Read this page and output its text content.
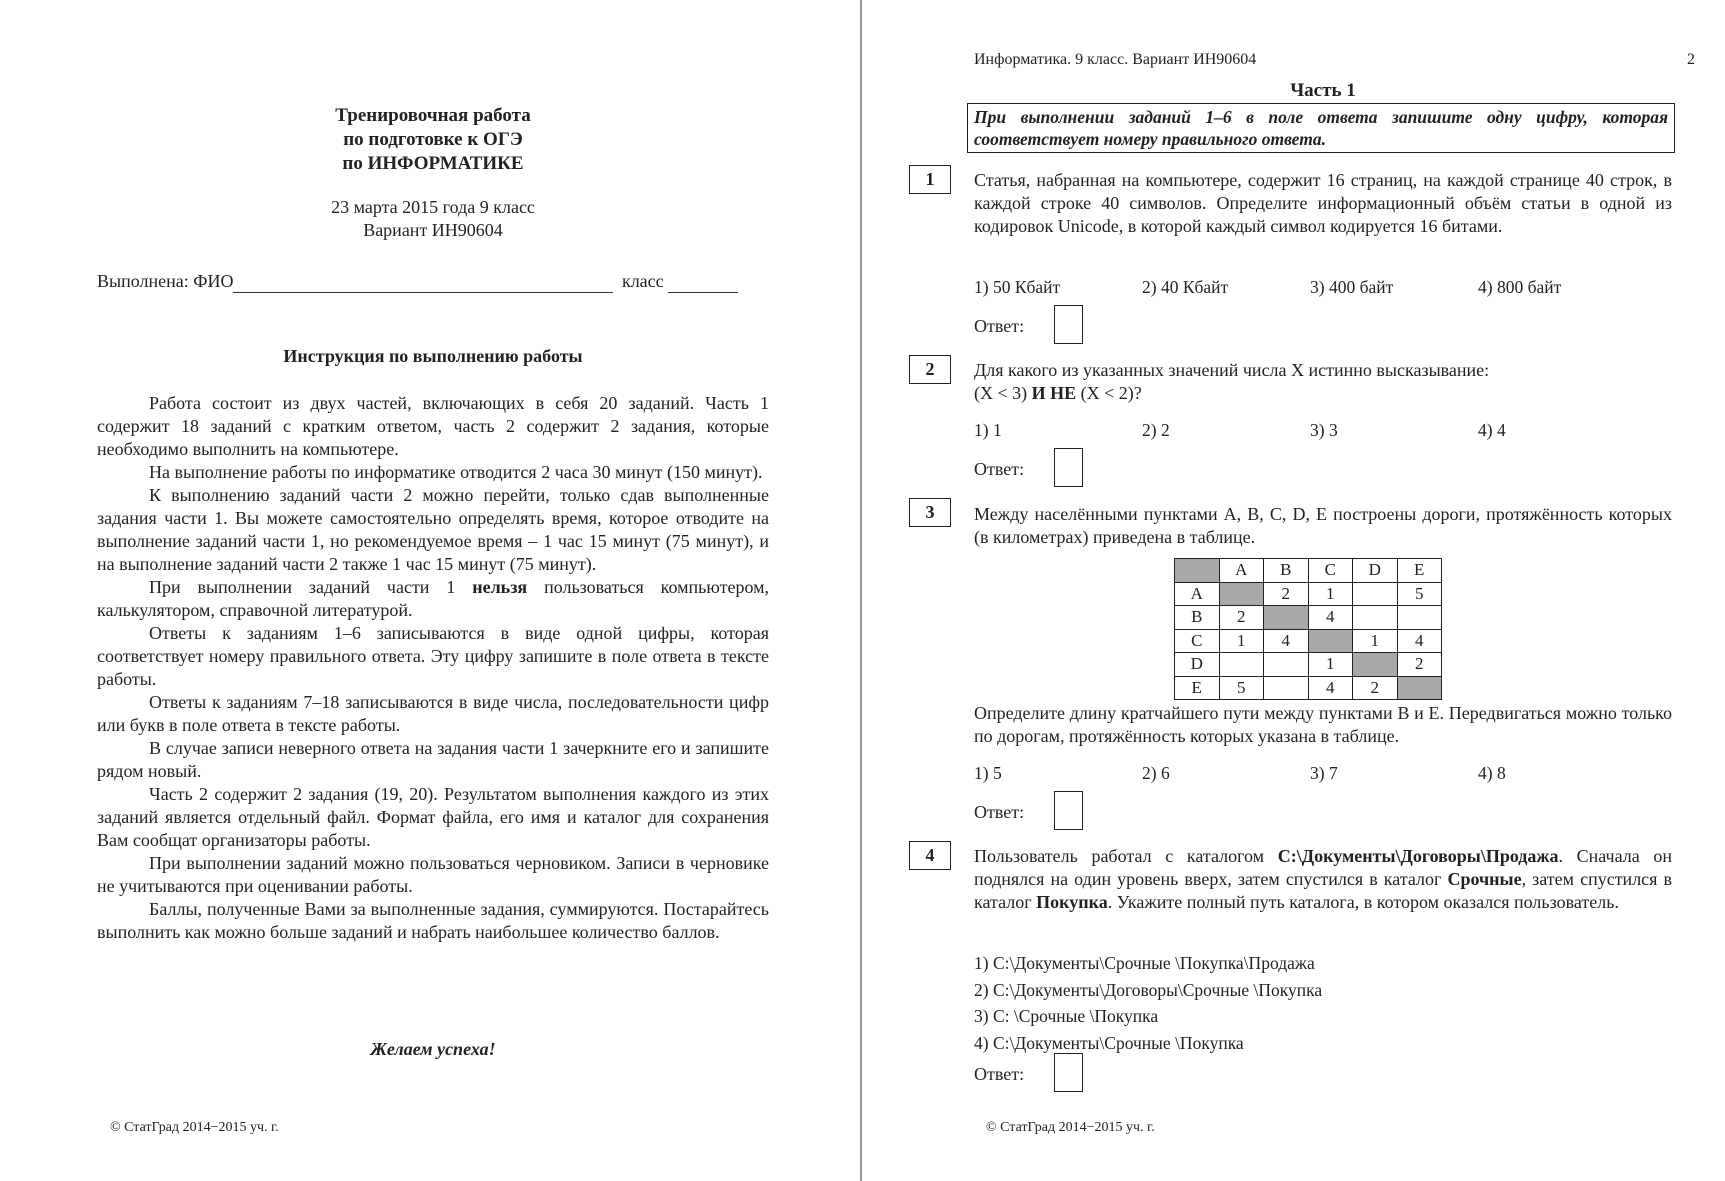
Тренировочная работа
по подготовке к ОГЭ
по ИНФОРМАТИКЕ
23 марта 2015 года 9 класс
Вариант ИН90604
Выполнена: ФИО	класс
Инструкция по выполнению работы

Работа состоит из двух частей, включающих в себя 20 заданий. Часть 1 содержит 18 заданий с кратким ответом, часть 2 содержит 2 задания, которые необходимо выполнить на компьютере.

На выполнение работы по информатике отводится 2 часа 30 минут (150 минут).

К выполнению заданий части 2 можно перейти, только сдав выполненные задания части 1. Вы можете самостоятельно определять время, которое отводите на выполнение заданий части 1, но рекомендуемое время – 1 час 15 минут (75 минут), и на выполнение заданий части 2 также 1 час 15 минут (75 минут).

При выполнении заданий части 1 нельзя пользоваться компьютером, калькулятором, справочной литературой.

Ответы к заданиям 1–6 записываются в виде одной цифры, которая соответствует номеру правильного ответа. Эту цифру запишите в поле ответа в тексте работы.

Ответы к заданиям 7–18 записываются в виде числа, последовательности цифр или букв в поле ответа в тексте работы.

В случае записи неверного ответа на задания части 1 зачеркните его и запишите рядом новый.

Часть 2 содержит 2 задания (19, 20). Результатом выполнения каждого из этих заданий является отдельный файл. Формат файла, его имя и каталог для сохранения Вам сообщат организаторы работы.

При выполнении заданий можно пользоваться черновиком. Записи в черновике не учитываются при оценивании работы.

Баллы, полученные Вами за выполненные задания, суммируются. Постарайтесь выполнить как можно больше заданий и набрать наибольшее количество баллов.

Желаем успеха!
© СтатГрад 2014−2015 уч. г.
Информатика. 9 класс. Вариант ИН90604	2
Часть 1
При выполнении заданий 1–6 в поле ответа запишите одну цифру, которая соответствует номеру правильного ответа.
1	Статья, набранная на компьютере, содержит 16 страниц, на каждой странице 40 строк, в каждой строке 40 символов. Определите информационный объём статьи в одной из кодировок Unicode, в которой каждый символ кодируется 16 битами.
1) 50 Кбайт	2) 40 Кбайт	3) 400 байт	4) 800 байт
Ответ:
2	Для какого из указанных значений числа X истинно высказывание:
(X < 3) И НЕ (X < 2)?
1) 1	2) 2	3) 3	4) 4
Ответ:
3	Между населёнными пунктами A, B, C, D, E построены дороги, протяжённость которых (в километрах) приведена в таблице.
	A	B	C	D	E
A		2	1		5
B	2		4		
C	1	4		1	4
D			1		2
E	5		4	2	
Определите длину кратчайшего пути между пунктами B и E. Передвигаться можно только по дорогам, протяжённость которых указана в таблице.
1) 5	2) 6	3) 7	4) 8
Ответ:
4	Пользователь работал с каталогом C:\Документы\Договоры\Продажа. Сначала он поднялся на один уровень вверх, затем спустился в каталог Срочные, затем спустился в каталог Покупка. Укажите полный путь каталога, в котором оказался пользователь.
1) C:\Документы\Срочные \Покупка\Продажа
2) C:\Документы\Договоры\Срочные \Покупка
3) C: \Срочные \Покупка
4) C:\Документы\Срочные \Покупка
Ответ:
© СтатГрад 2014−2015 уч. г.
